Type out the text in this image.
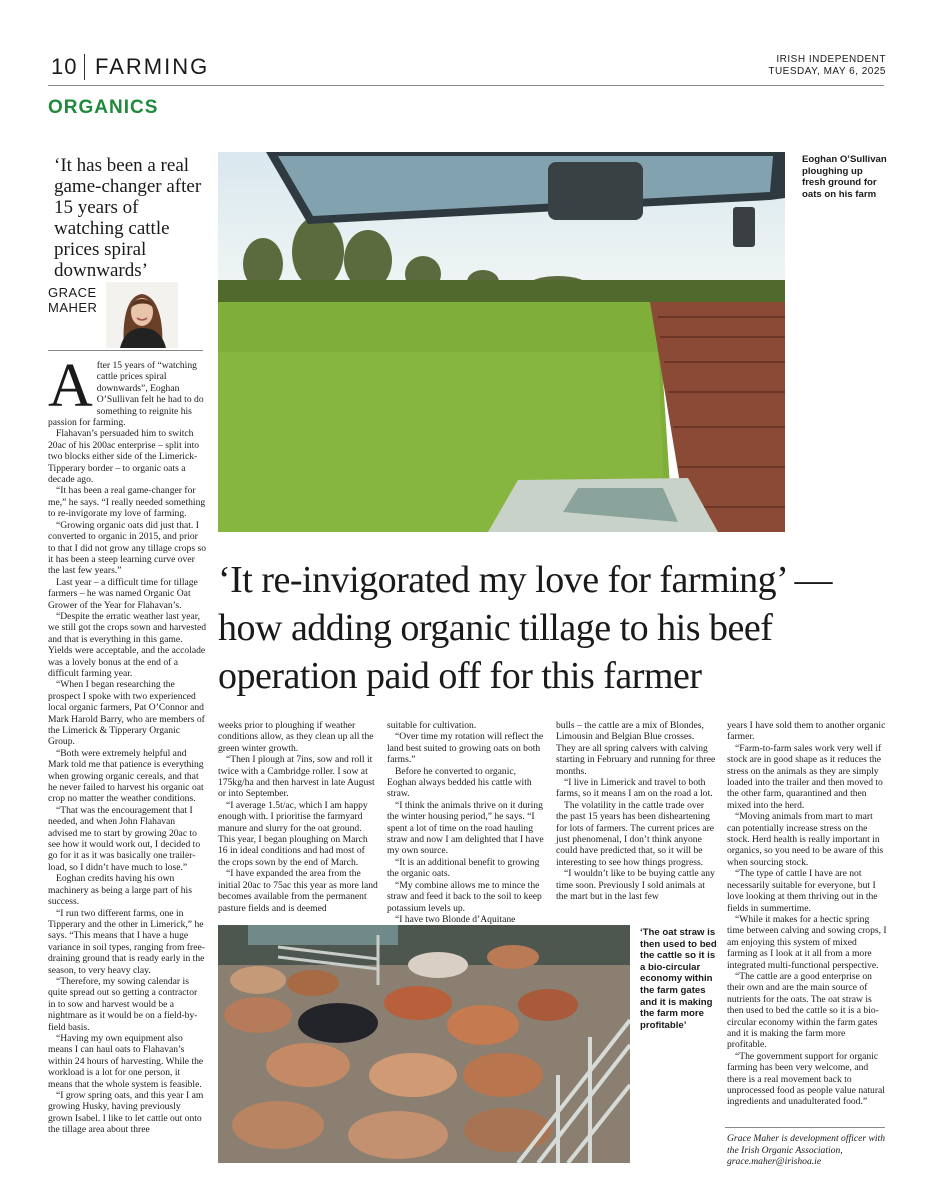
10 FARMING	IRISH INDEPENDENT
TUESDAY, MAY 6, 2025
ORGANICS
‘It has been a real game-changer after 15 years of watching cattle prices spiral downwards’
GRACE
MAHER

After 15 years of “watching cattle prices spiral downwards”, Eoghan O’Sullivan felt he had to do something to reignite his passion for farming.

Flahavan’s persuaded him to switch 20ac of his 200ac enterprise – split into two blocks either side of the Limerick-Tipperary border – to organic oats a decade ago.

“It has been a real game-changer for me,” he says. “I really needed something to re-invigorate my love of farming.

“Growing organic oats did just that. I converted to organic in 2015, and prior to that I did not grow any tillage crops so it has been a steep learning curve over the last few years.”

Last year – a difficult time for tillage farmers – he was named Organic Oat Grower of the Year for Flahavan’s.

“Despite the erratic weather last year, we still got the crops sown and harvested and that is everything in this game. Yields were acceptable, and the accolade was a lovely bonus at the end of a difficult farming year.

“When I began researching the prospect I spoke with two experienced local organic farmers, Pat O’Connor and Mark Harold Barry, who are members of the Limerick & Tipperary Organic Group.

“Both were extremely helpful and Mark told me that patience is everything when growing organic cereals, and that he never failed to harvest his organic oat crop no matter the weather conditions.

“That was the encouragement that I needed, and when John Flahavan advised me to start by growing 20ac to see how it would work out, I decided to go for it as it was basically one trailer-load, so I didn’t have much to lose.”

Eoghan credits having his own machinery as being a large part of his success.

“I run two different farms, one in Tipperary and the other in Limerick,” he says. “This means that I have a huge variance in soil types, ranging from free-draining ground that is ready early in the season, to very heavy clay.

“Therefore, my sowing calendar is quite spread out so getting a contractor in to sow and harvest would be a nightmare as it would be on a field-by-field basis.

“Having my own equipment also means I can haul oats to Flahavan’s within 24 hours of harvesting. While the workload is a lot for one person, it means that the whole system is feasible.

“I grow spring oats, and this year I am growing Husky, having previously grown Isabel. I like to let cattle out onto the tillage area about three

Eoghan O’Sullivan ploughing up fresh ground for oats on his farm
‘It re-invigorated my love for farming’ — how adding organic tillage to his beef operation paid off for this farmer

weeks prior to ploughing if weather conditions allow, as they clean up all the green winter growth.

“Then I plough at 7ins, sow and roll it twice with a Cambridge roller. I sow at 175kg/ha and then harvest in late August or into September.

“I average 1.5t/ac, which I am happy enough with. I prioritise the farmyard manure and slurry for the oat ground. This year, I began ploughing on March 16 in ideal conditions and had most of the crops sown by the end of March.

“I have expanded the area from the initial 20ac to 75ac this year as more land becomes available from the permanent pasture fields and is deemed

suitable for cultivation.

“Over time my rotation will reflect the land best suited to growing oats on both farms.”

Before he converted to organic, Eoghan always bedded his cattle with straw.

“I think the animals thrive on it during the winter housing period,” he says. “I spent a lot of time on the road hauling straw and now I am delighted that I have my own source.

“It is an additional benefit to growing the organic oats.

“My combine allows me to mince the straw and feed it back to the soil to keep potassium levels up.

“I have two Blonde d’Aquitane

bulls – the cattle are a mix of Blondes, Limousin and Belgian Blue crosses. They are all spring calvers with calving starting in February and running for three months.

“I live in Limerick and travel to both farms, so it means I am on the road a lot.

The volatility in the cattle trade over the past 15 years has been disheartening for lots of farmers. The current prices are just phenomenal, I don’t think anyone could have predicted that, so it will be interesting to see how things progress.

“I wouldn’t like to be buying cattle any time soon. Previously I sold animals at the mart but in the last few

years I have sold them to another organic farmer.

“Farm-to-farm sales work very well if stock are in good shape as it reduces the stress on the animals as they are simply loaded into the trailer and then moved to the other farm, quarantined and then mixed into the herd.

“Moving animals from mart to mart can potentially increase stress on the stock. Herd health is really important in organics, so you need to be aware of this when sourcing stock.

“The type of cattle I have are not necessarily suitable for everyone, but I love looking at them thriving out in the fields in summertime.

“While it makes for a hectic spring time between calving and sowing crops, I am enjoying this system of mixed farming as I look at it all from a more integrated multi-functional perspective.

“The cattle are a good enterprise on their own and are the main source of nutrients for the oats. The oat straw is then used to bed the cattle so it is a bio-circular economy within the farm gates and it is making the farm more profitable.

“The government support for organic farming has been very welcome, and there is a real movement back to unprocessed food as people value natural ingredients and unadulterated food.”

‘The oat straw is then used to bed the cattle so it is a bio-circular economy within the farm gates and it is making the farm more profitable’
Grace Maher is development officer with the Irish Organic Association, grace.maher@irishoa.ie
